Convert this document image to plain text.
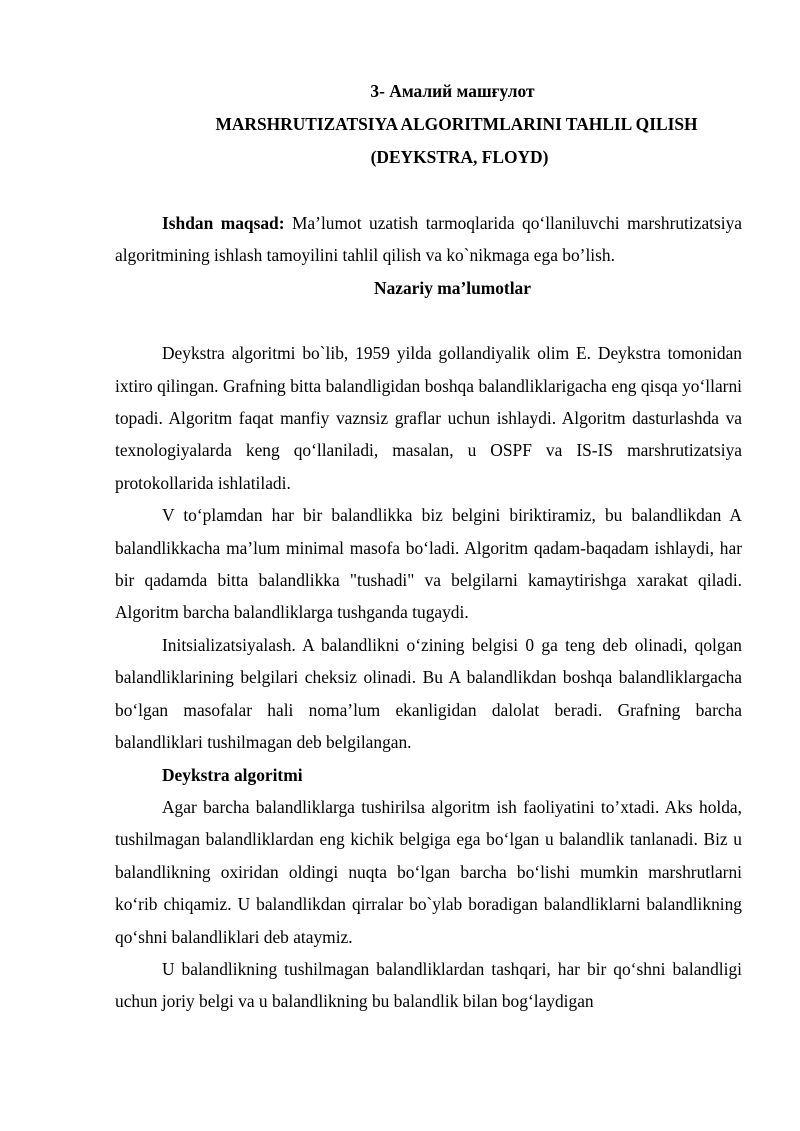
3- Амалий машғулот
MARSHRUTIZATSIYA ALGORITMLARINI TAHLIL QILISH
(DEYKSTRA, FLOYD)

Ishdan maqsad: Ma’lumot uzatish tarmoqlarida qo‘llaniluvchi marshrutizatsiya algoritmining ishlash tamoyilini tahlil qilish va ko`nikmaga ega bo’lish.

Nazariy ma’lumotlar

Deykstra algoritmi bo`lib, 1959 yilda gollandiyalik olim E. Deykstra tomonidan ixtiro qilingan. Grafning bitta balandligidan boshqa balandliklarigacha eng qisqa yo‘llarni topadi. Algoritm faqat manfiy vaznsiz graflar uchun ishlaydi. Algoritm dasturlashda va texnologiyalarda keng qo‘llaniladi, masalan, u OSPF va IS-IS marshrutizatsiya protokollarida ishlatiladi.

V to‘plamdan har bir balandlikka biz belgini biriktiramiz, bu balandlikdan A balandlikkacha ma’lum minimal masofa bo‘ladi. Algoritm qadam-baqadam ishlaydi, har bir qadamda bitta balandlikka "tushadi" va belgilarni kamaytirishga xarakat qiladi. Algoritm barcha balandliklarga tushganda tugaydi.

Initsializatsiyalash. A balandlikni o‘zining belgisi 0 ga teng deb olinadi, qolgan balandliklarining belgilari cheksiz olinadi. Bu A balandlikdan boshqa balandliklargacha bo‘lgan masofalar hali noma’lum ekanligidan dalolat beradi. Grafning barcha balandliklari tushilmagan deb belgilangan.

Deykstra algoritmi

Agar barcha balandliklarga tushirilsa algoritm ish faoliyatini to’xtadi. Aks holda, tushilmagan balandliklardan eng kichik belgiga ega bo‘lgan u balandlik tanlanadi. Biz u balandlikning oxiridan oldingi nuqta bo‘lgan barcha bo‘lishi mumkin marshrutlarni ko‘rib chiqamiz. U balandlikdan qirralar bo`ylab boradigan balandliklarni balandlikning qo‘shni balandliklari deb ataymiz.

U balandlikning tushilmagan balandliklardan tashqari, har bir qo‘shni balandligi uchun joriy belgi va u balandlikning bu balandlik bilan bog‘laydigan
